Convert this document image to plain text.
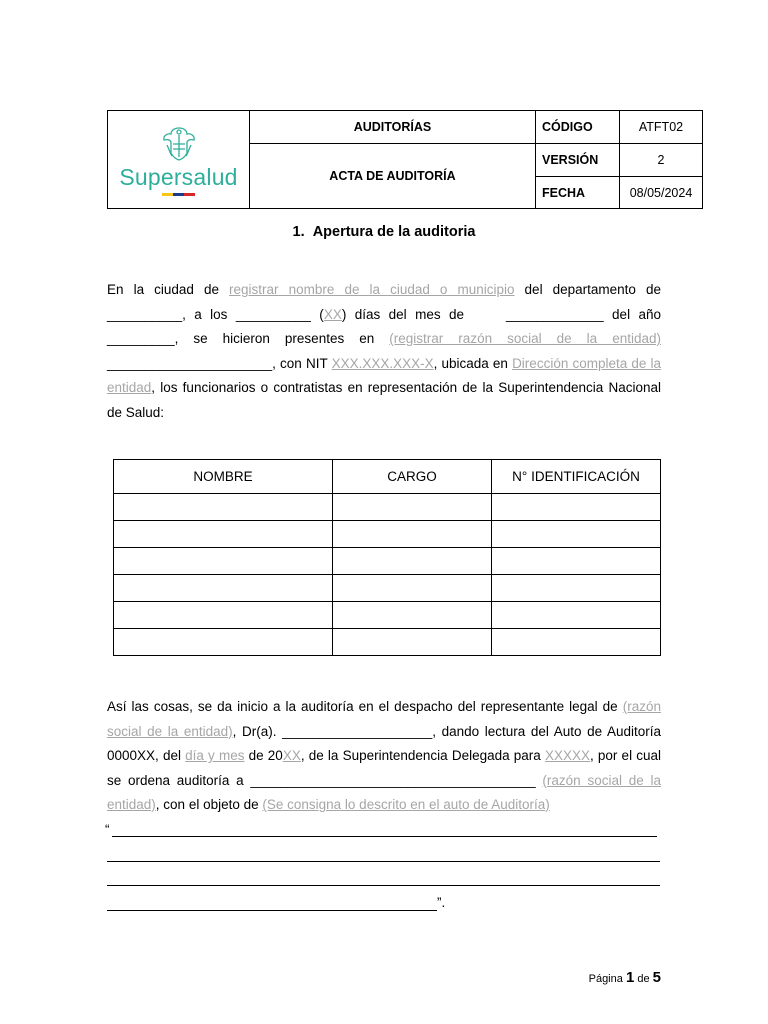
Supersalud	AUDITORÍAS	CÓDIGO	ATFT02
	ACTA DE AUDITORÍA	VERSIÓN	2
		FECHA	08/05/2024
1. Apertura de la auditoria
En la ciudad de registrar nombre de la ciudad o municipio del departamento de __________, a los __________ (XX) días del mes de     _____________ del año _________, se hicieron presentes en (registrar razón social de la entidad) ______________________, con NIT XXX.XXX.XXX-X, ubicada en Dirección completa de la entidad, los funcionarios o contratistas en representación de la Superintendencia Nacional de Salud:
NOMBRE	CARGO	N° IDENTIFICACIÓN

Así las cosas, se da inicio a la auditoría en el despacho del representante legal de (razón social de la entidad), Dr(a). ____________________, dando lectura del Auto de Auditoría 0000XX, del día y mes de 20XX, de la Superintendencia Delegada para XXXXX, por el cual se ordena auditoría a ______________________________________ (razón social de la entidad), con el objeto de (Se consigna lo descrito en el auto de Auditoría)
“
”.
Página 1 de 5
